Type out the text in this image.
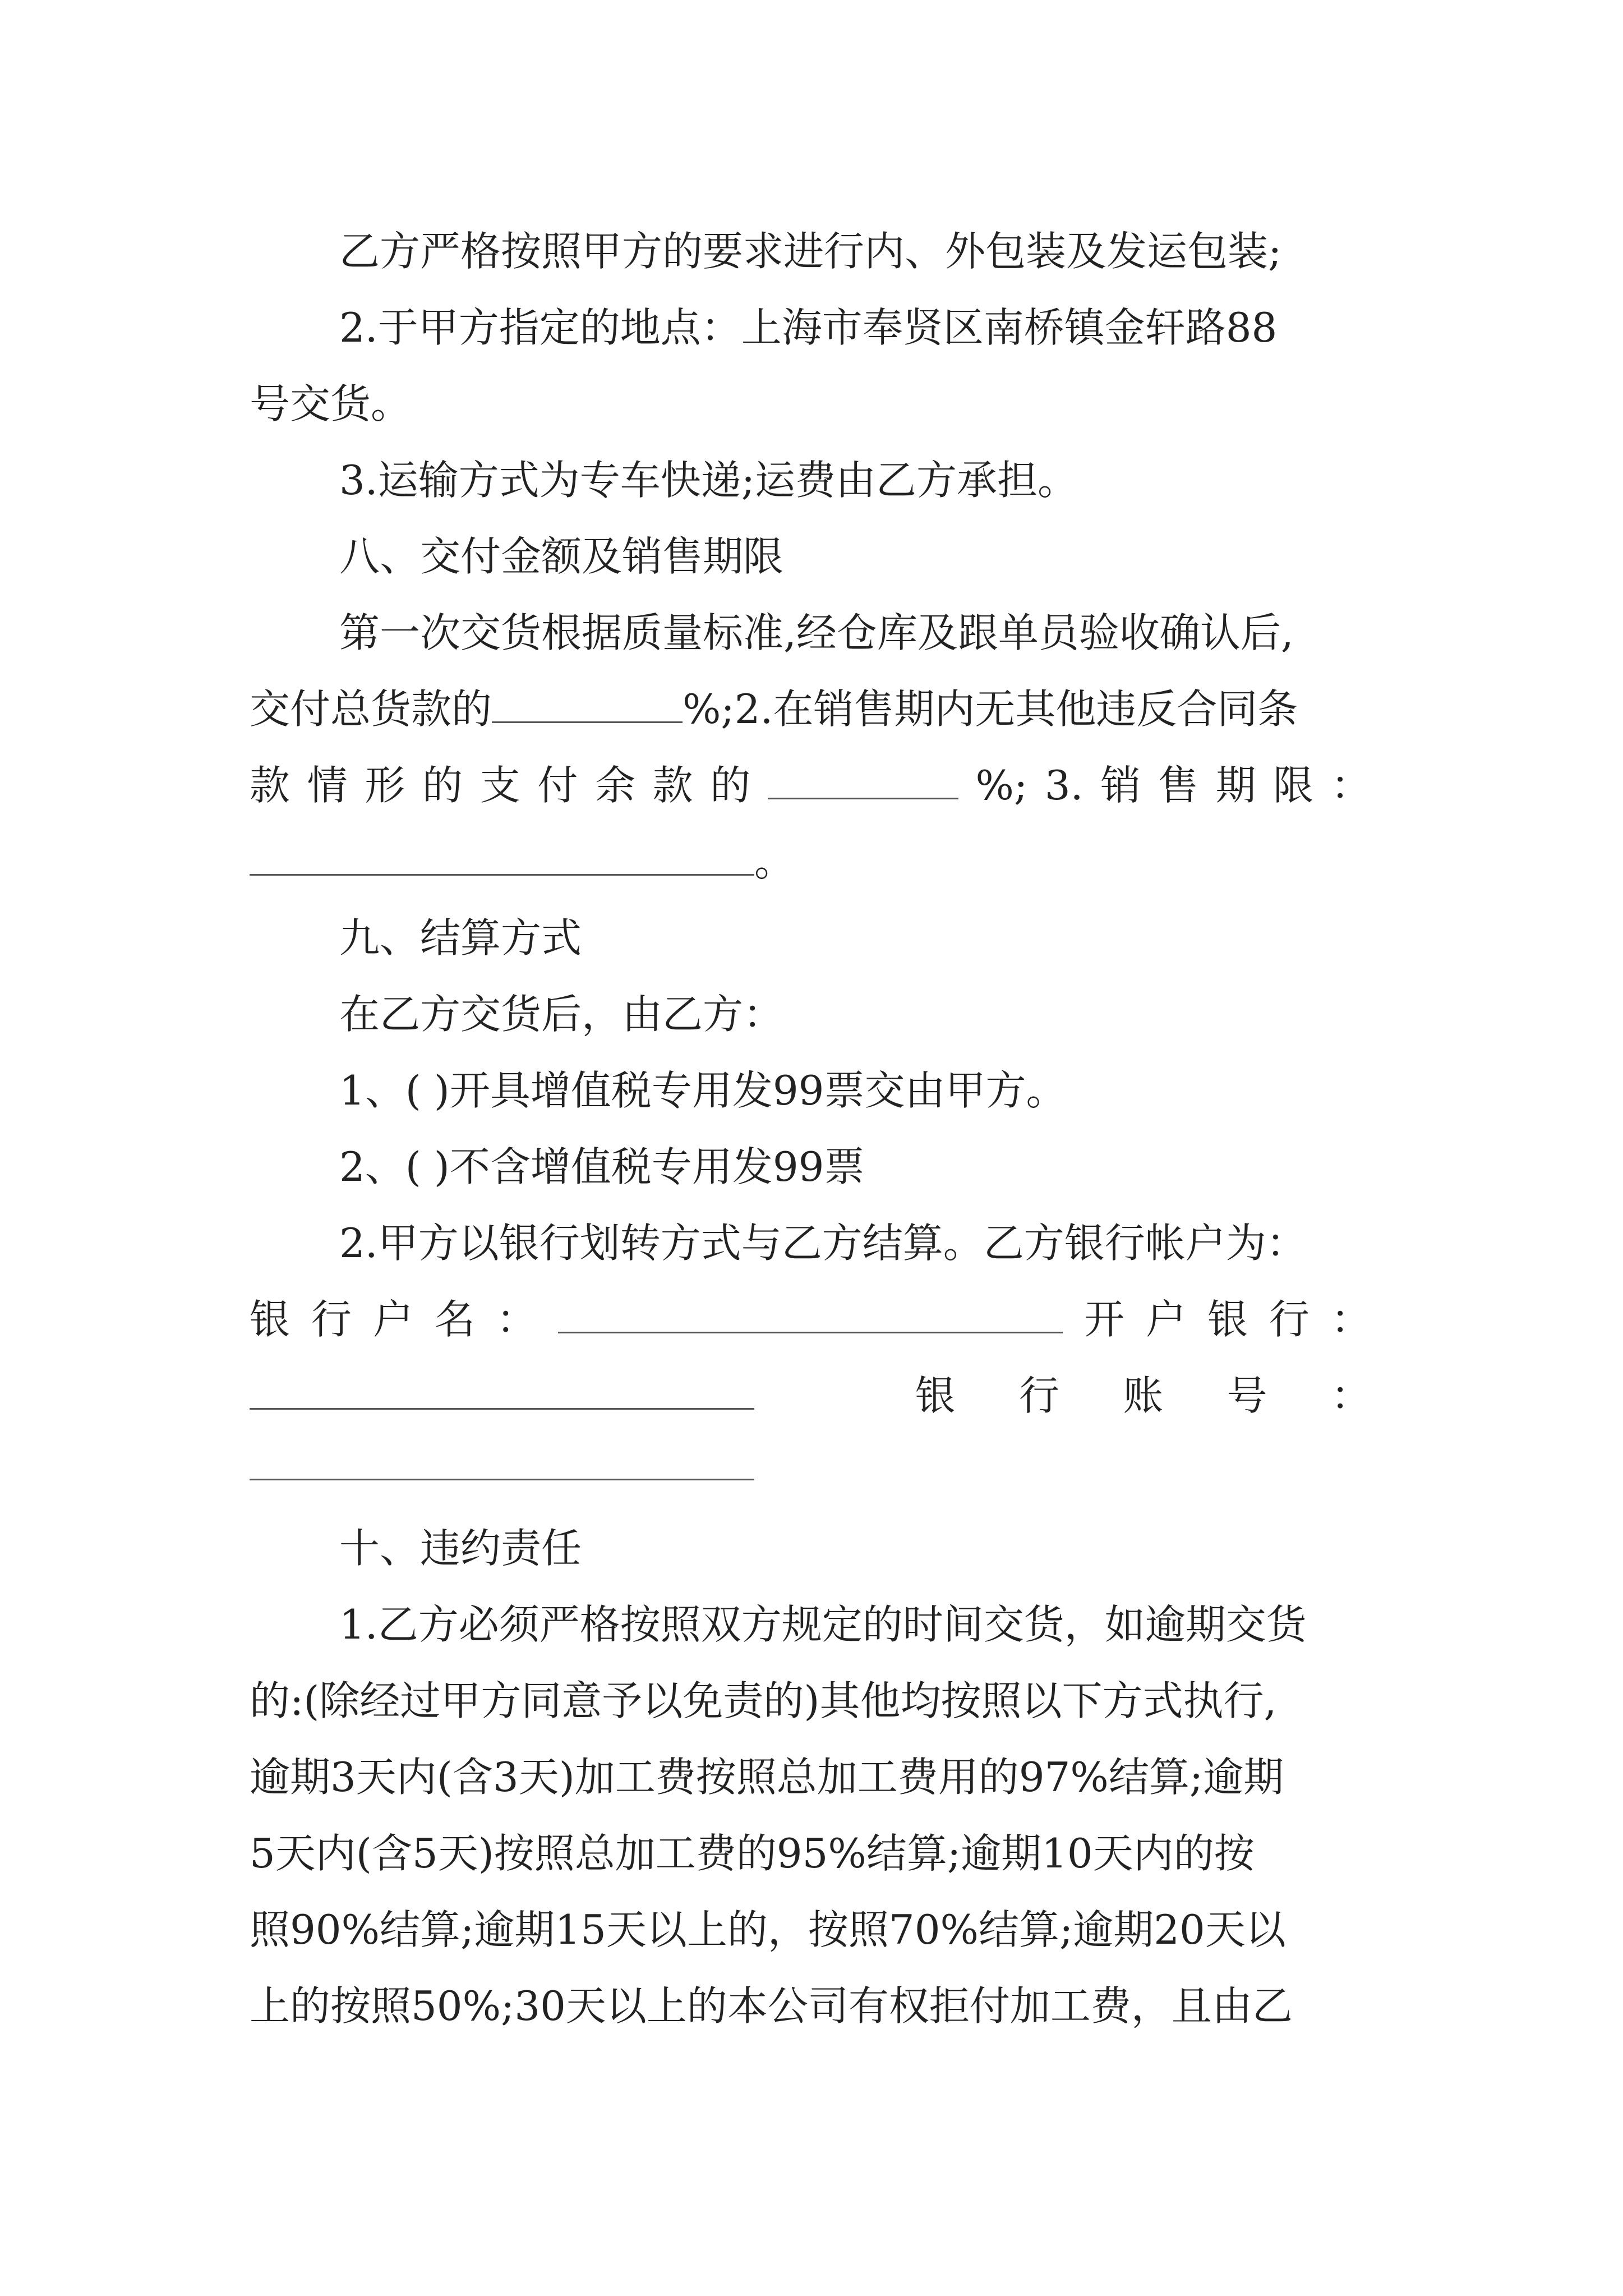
乙方严格按照甲方的要求进行内、外包装及发运包装;
2.于甲方指定的地点：上海市奉贤区南桥镇金轩路88
号交货。
3.运输方式为专车快递;运费由乙方承担。
八、交付金额及销售期限
第一次交货根据质量标准,经仓库及跟单员验收确认后,
交付总货款的	%;2.在销售期内无其他违反合同条
款 情 形 的 支 付 余 款 的	%; 3. 销 售 期 限 ：
。
九、结算方式
在乙方交货后，由乙方：
1、( )开具增值税专用发99票交由甲方。
2、( )不含增值税专用发99票
2.甲方以银行划转方式与乙方结算。乙方银行帐户为：
银 行 户 名 ：	开 户 银 行 ：
银 行 账 号 ：
十、违约责任
1.乙方必须严格按照双方规定的时间交货，如逾期交货
的:(除经过甲方同意予以免责的)其他均按照以下方式执行,
逾期3天内(含3天)加工费按照总加工费用的97%结算;逾期
5天内(含5天)按照总加工费的95%结算;逾期10天内的按
照90%结算;逾期15天以上的，按照70%结算;逾期20天以
上的按照50%;30天以上的本公司有权拒付加工费，且由乙
